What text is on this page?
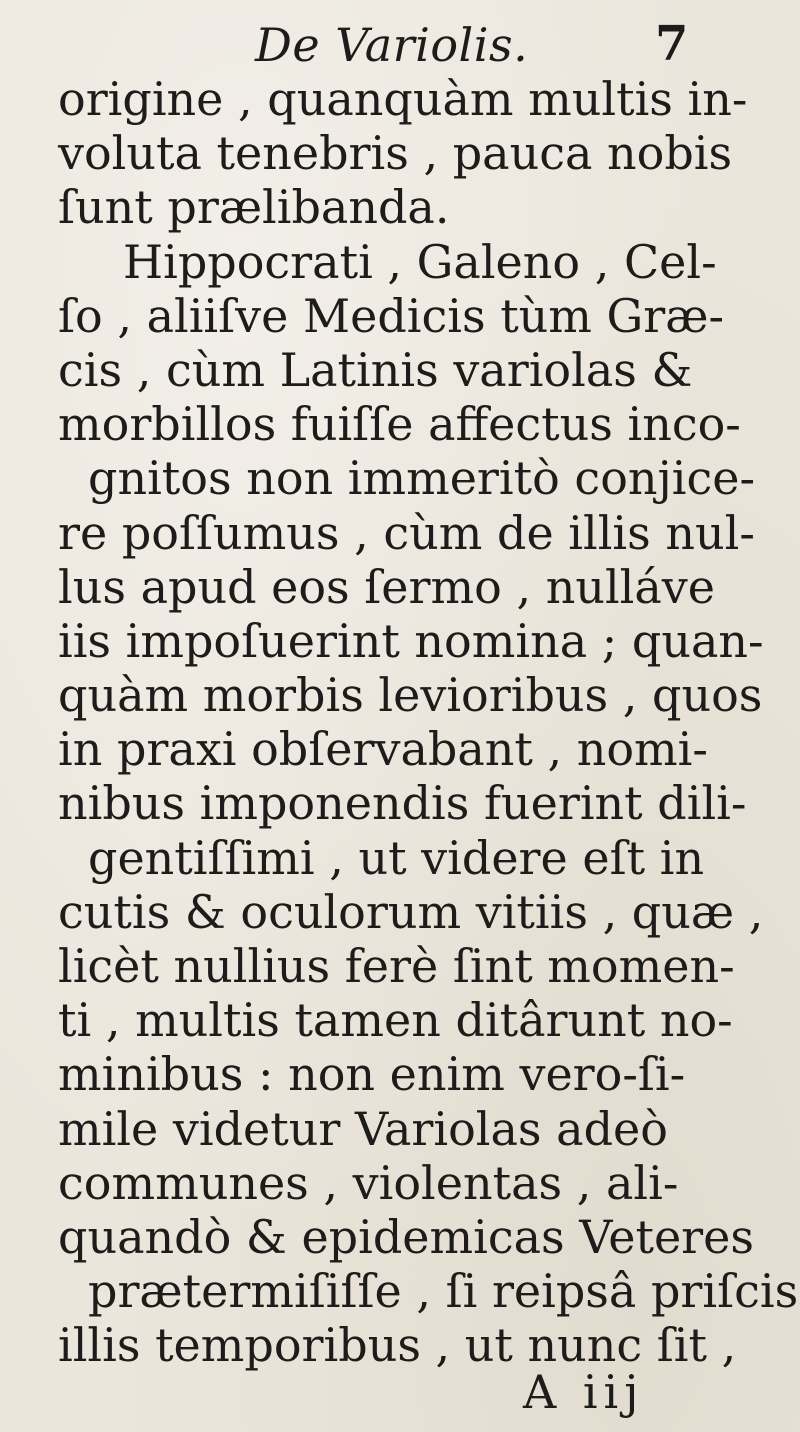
De Variolis.	7
origine , quanquàm multis in-
voluta tenebris , pauca nobis
ſunt prælibanda.
Hippocrati , Galeno , Cel-
ſo , aliiſve Medicis tùm Græ-
cis , cùm Latinis variolas &
morbillos fuiſſe affectus inco-
gnitos non immeritò conjice-
re poſſumus , cùm de illis nul-
lus apud eos ſermo , nulláve
iis impoſuerint nomina ; quan-
quàm morbis levioribus , quos
in praxi obſervabant , nomi-
nibus imponendis fuerint dili-
gentiſſimi , ut videre eſt in
cutis & oculorum vitiis , quæ ,
licèt nullius ferè ſint momen-
ti , multis tamen ditârunt no-
minibus : non enim vero-ſi-
mile videtur Variolas adeò
communes , violentas , ali-
quandò & epidemicas Veteres
prætermiſiſſe , ſi reipsâ priſcis
illis temporibus , ut nunc ſit ,
A iij
